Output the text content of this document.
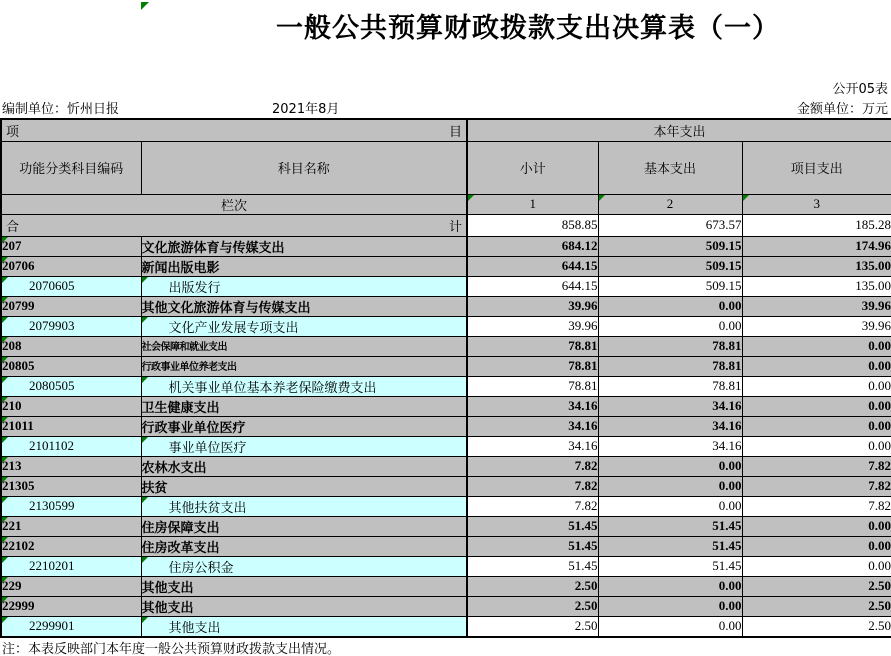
一般公共预算财政拨款支出决算表（一）
公开05表
编制单位：忻州日报	2021年8月	金额单位：万元
项 目		本年支出		
功能分类科目编码	科目名称	小计	基本支出	项目支出
栏次		1	2	3

合 计		858.85	673.57	185.28

207	文化旅游体育与传媒支出	684.12	509.15	174.96

20706	新闻出版电影	644.15	509.15	135.00

2070605	出版发行	644.15	509.15	135.00

20799	其他文化旅游体育与传媒支出	39.96	0.00	39.96

2079903	文化产业发展专项支出	39.96	0.00	39.96

208	社会保障和就业支出	78.81	78.81	0.00

20805	行政事业单位养老支出	78.81	78.81	0.00

2080505	机关事业单位基本养老保险缴费支出	78.81	78.81	0.00

210	卫生健康支出	34.16	34.16	0.00

21011	行政事业单位医疗	34.16	34.16	0.00

2101102	事业单位医疗	34.16	34.16	0.00

213	农林水支出	7.82	0.00	7.82

21305	扶贫	7.82	0.00	7.82

2130599	其他扶贫支出	7.82	0.00	7.82

221	住房保障支出	51.45	51.45	0.00

22102	住房改革支出	51.45	51.45	0.00

2210201	住房公积金	51.45	51.45	0.00

229	其他支出	2.50	0.00	2.50

22999	其他支出	2.50	0.00	2.50

2299901	其他支出	2.50	0.00	2.50
注：本表反映部门本年度一般公共预算财政拨款支出情况。
